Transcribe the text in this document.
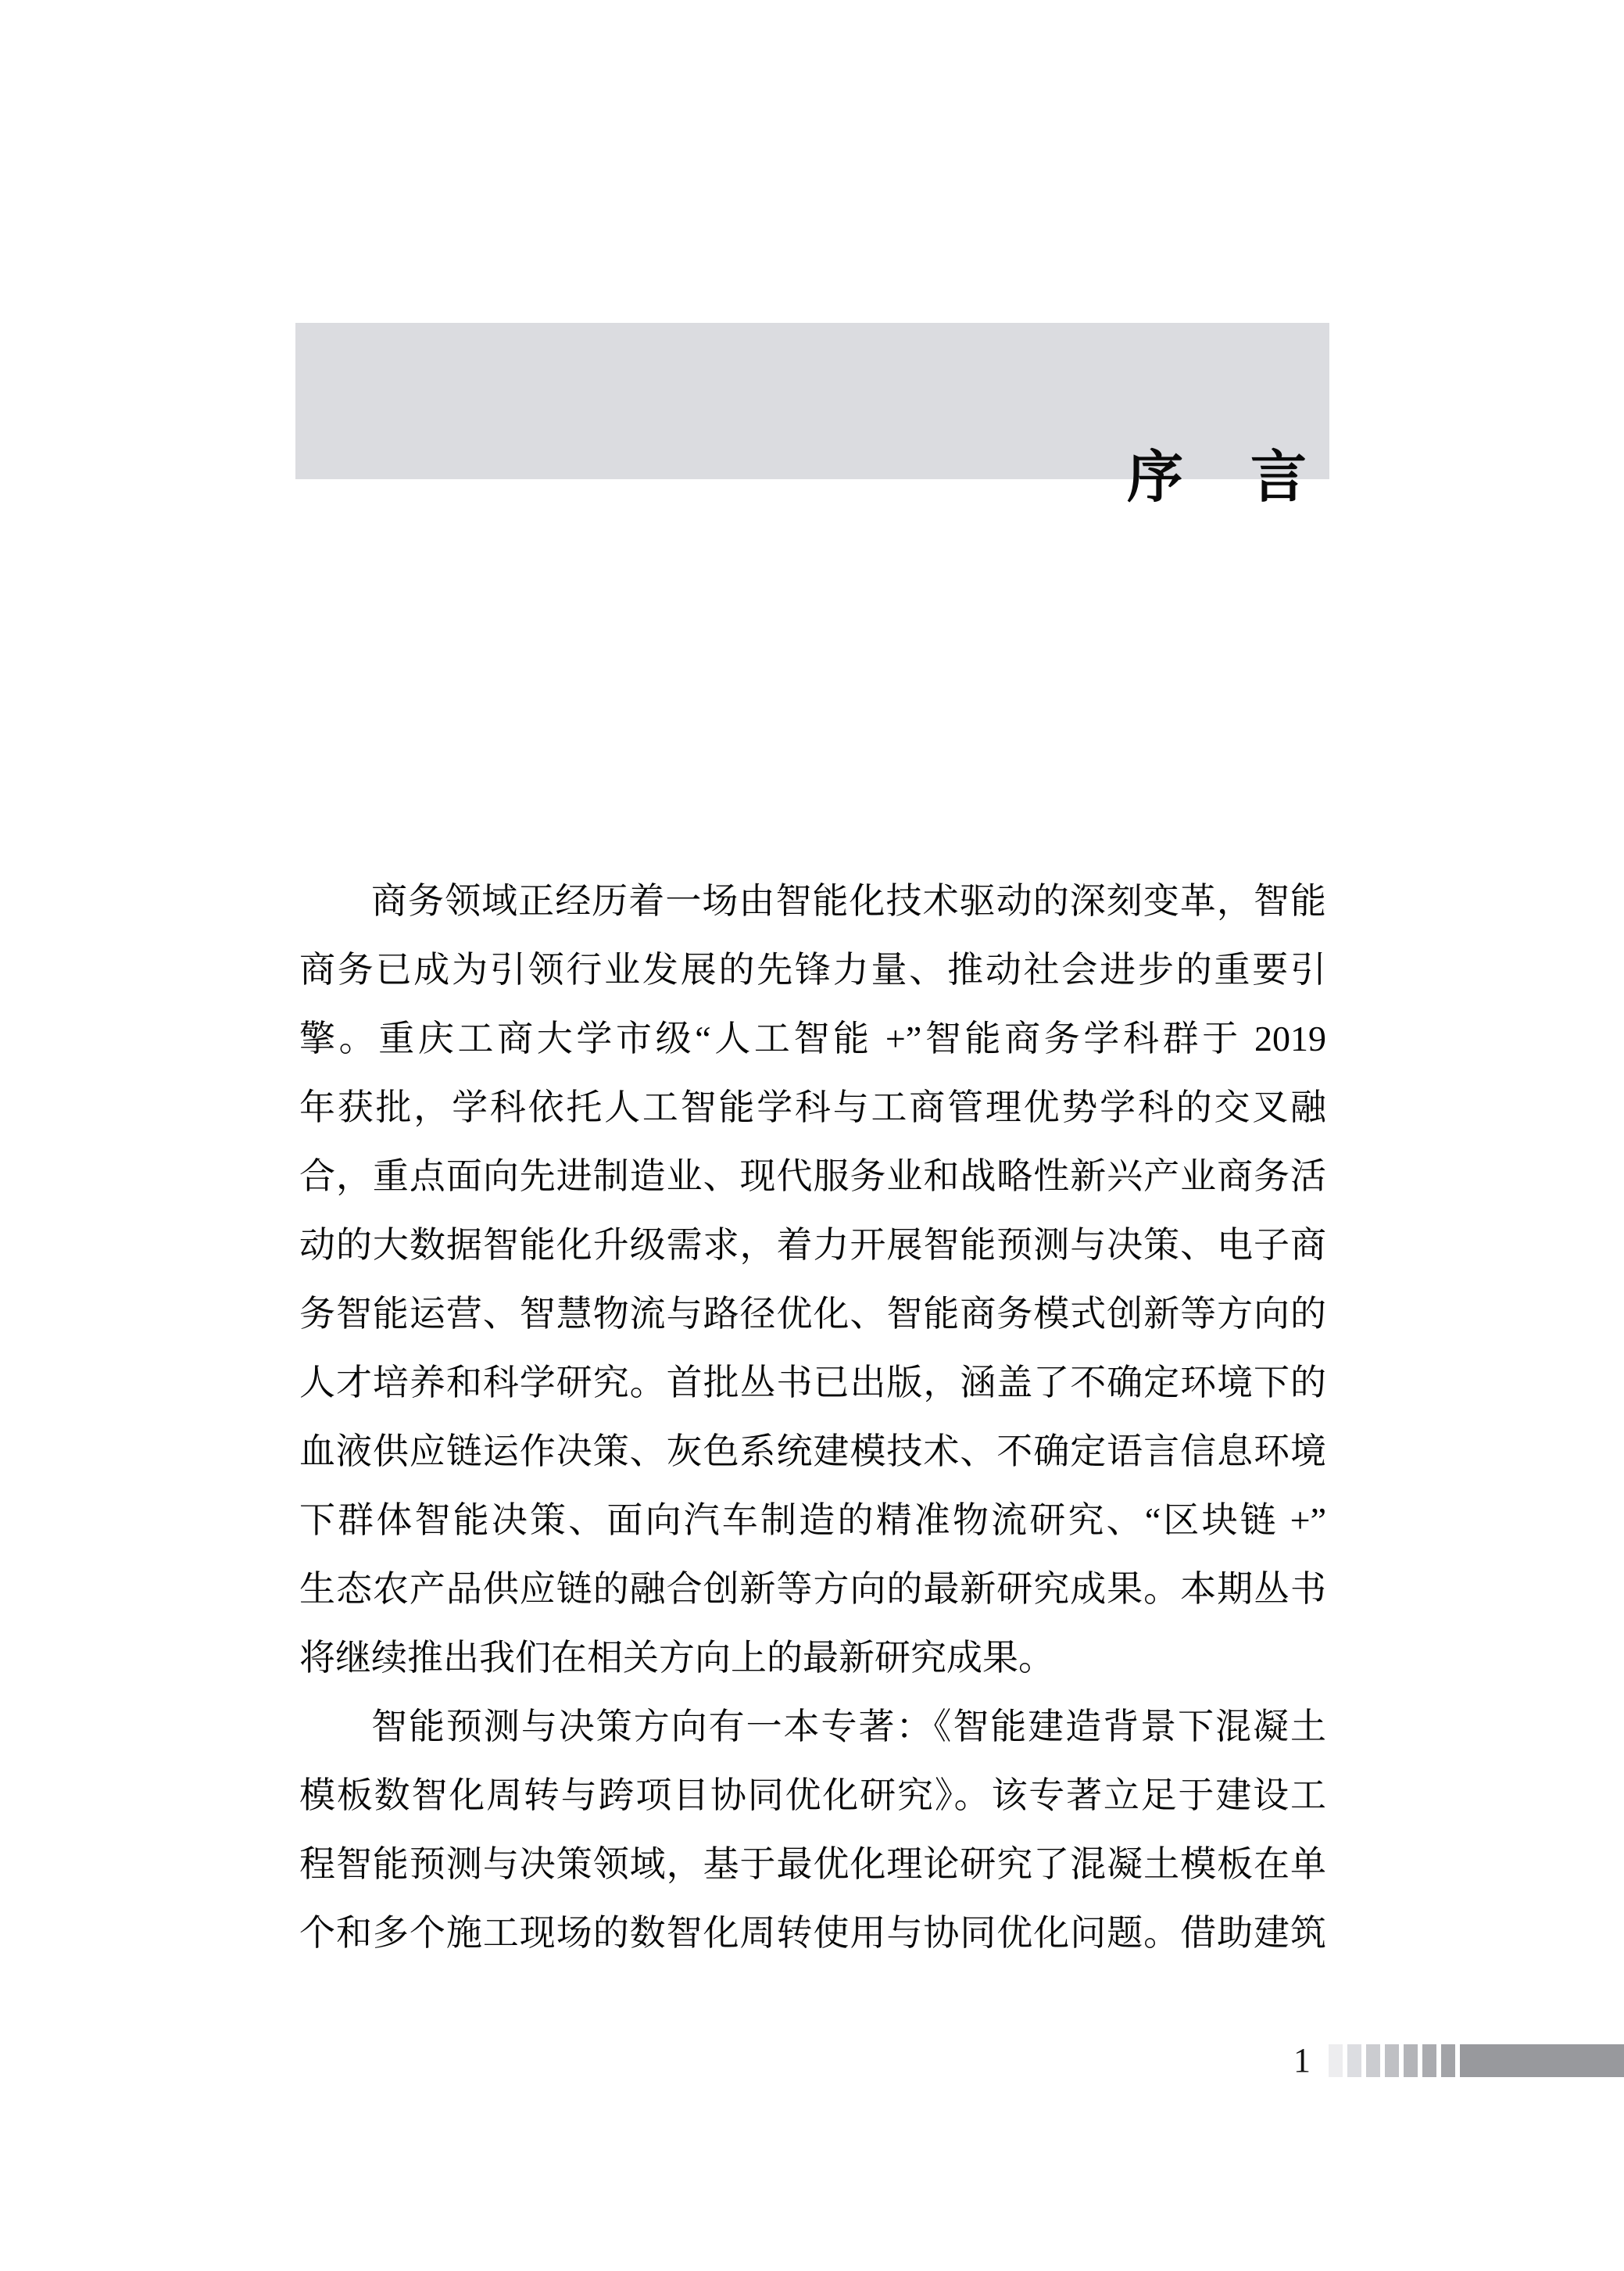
序 言
商务领域正经历着一场由智能化技术驱动的深刻变革，智能
商务已成为引领行业发展的先锋力量、推动社会进步的重要引
擎。重庆工商大学市级“人工智能 +”智能商务学科群于 2019
年获批，学科依托人工智能学科与工商管理优势学科的交叉融
合，重点面向先进制造业、现代服务业和战略性新兴产业商务活
动的大数据智能化升级需求，着力开展智能预测与决策、电子商
务智能运营、智慧物流与路径优化、智能商务模式创新等方向的
人才培养和科学研究。首批丛书已出版，涵盖了不确定环境下的
血液供应链运作决策、灰色系统建模技术、不确定语言信息环境
下群体智能决策、面向汽车制造的精准物流研究、“区块链 +”
生态农产品供应链的融合创新等方向的最新研究成果。本期丛书
将继续推出我们在相关方向上的最新研究成果。
智能预测与决策方向有一本专著：《智能建造背景下混凝土
模板数智化周转与跨项目协同优化研究》。该专著立足于建设工
程智能预测与决策领域，基于最优化理论研究了混凝土模板在单
个和多个施工现场的数智化周转使用与协同优化问题。借助建筑
1
